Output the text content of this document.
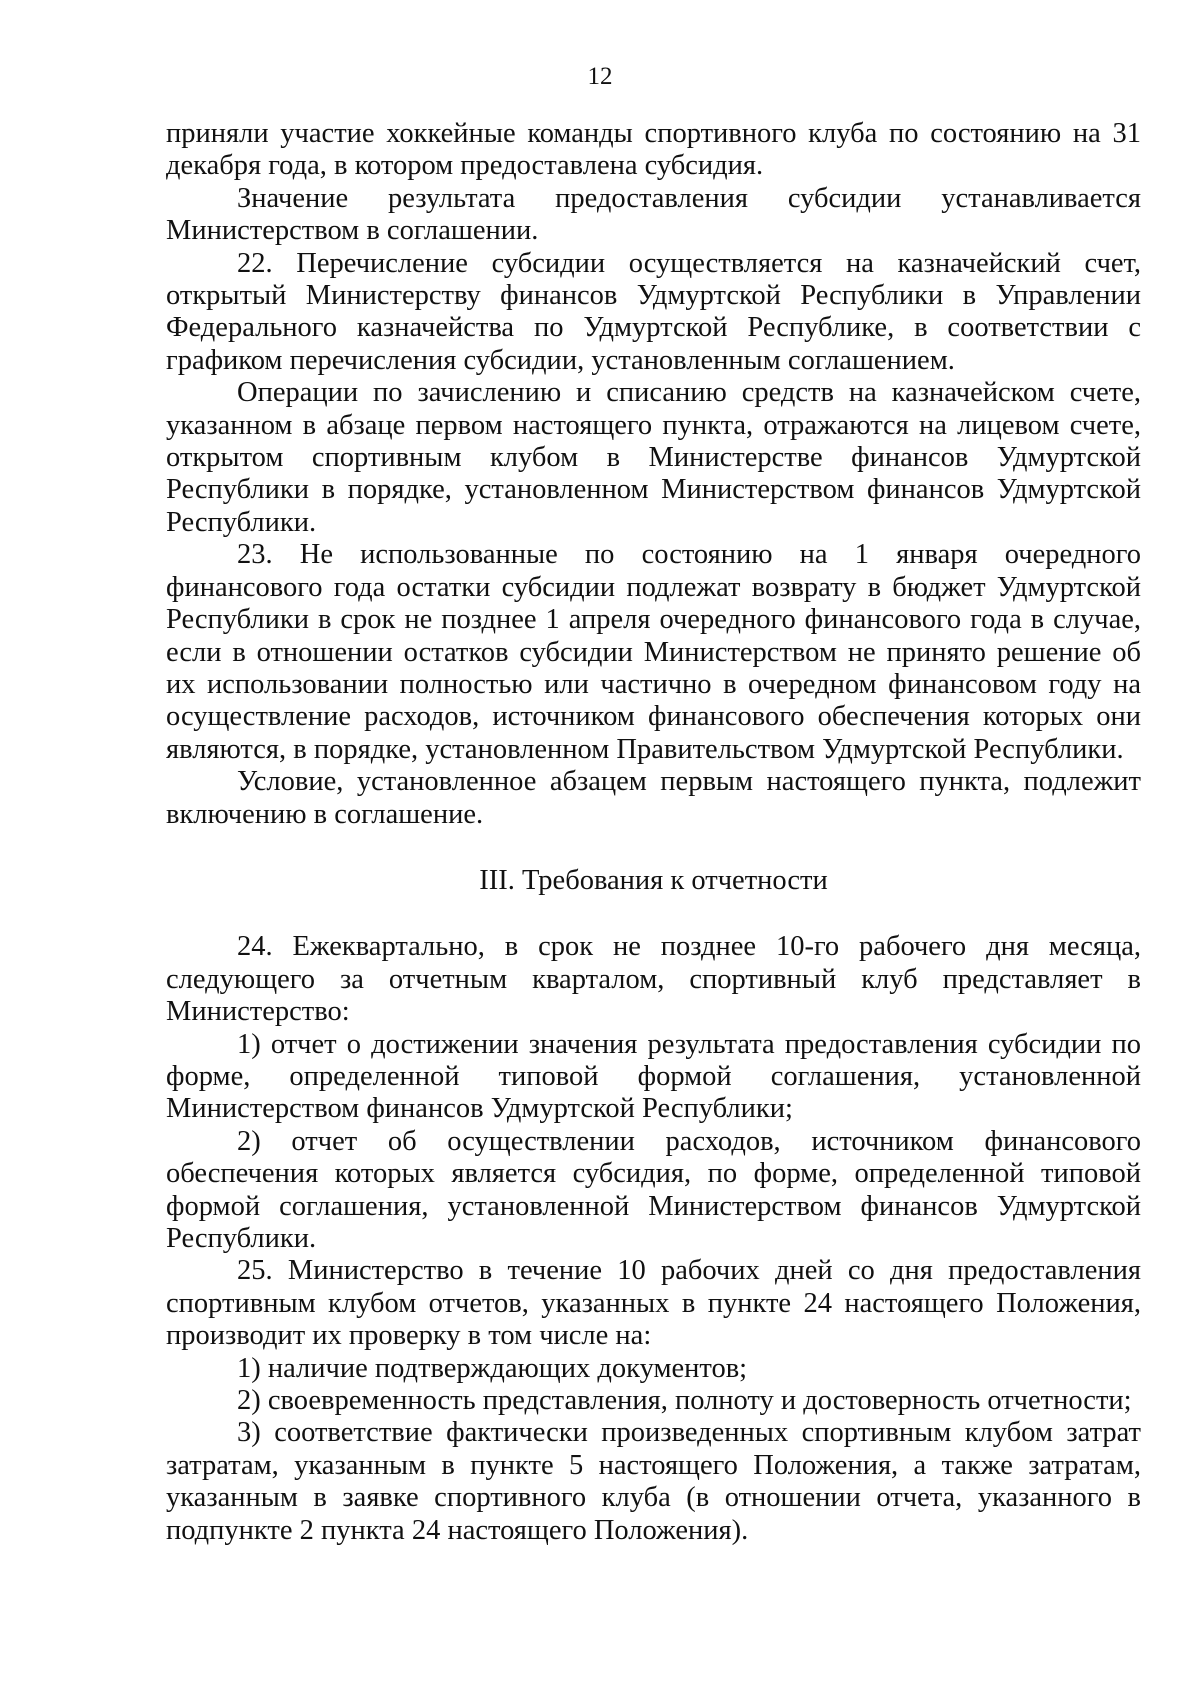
12

приняли участие хоккейные команды спортивного клуба по состоянию на 31 декабря года, в котором предоставлена субсидия.

Значение результата предоставления субсидии устанавливается Министерством в соглашении.

22. Перечисление субсидии осуществляется на казначейский счет, открытый Министерству финансов Удмуртской Республики в Управлении Федерального казначейства по Удмуртской Республике, в соответствии с графиком перечисления субсидии, установленным соглашением.

Операции по зачислению и списанию средств на казначейском счете, указанном в абзаце первом настоящего пункта, отражаются на лицевом счете, открытом спортивным клубом в Министерстве финансов Удмуртской Республики в порядке, установленном Министерством финансов Удмуртской Республики.

23. Не использованные по состоянию на 1 января очередного финансового года остатки субсидии подлежат возврату в бюджет Удмуртской Республики в срок не позднее 1 апреля очередного финансового года в случае, если в отношении остатков субсидии Министерством не принято решение об их использовании полностью или частично в очередном финансовом году на осуществление расходов, источником финансового обеспечения которых они являются, в порядке, установленном Правительством Удмуртской Республики.

Условие, установленное абзацем первым настоящего пункта, подлежит включению в соглашение.

III. Требования к отчетности

24. Ежеквартально, в срок не позднее 10-го рабочего дня месяца, следующего за отчетным кварталом, спортивный клуб представляет в Министерство:

1) отчет о достижении значения результата предоставления субсидии по форме, определенной типовой формой соглашения, установленной Министерством финансов Удмуртской Республики;

2) отчет об осуществлении расходов, источником финансового обеспечения которых является субсидия, по форме, определенной типовой формой соглашения, установленной Министерством финансов Удмуртской Республики.

25. Министерство в течение 10 рабочих дней со дня предоставления спортивным клубом отчетов, указанных в пункте 24 настоящего Положения, производит их проверку в том числе на:

1) наличие подтверждающих документов;

2) своевременность представления, полноту и достоверность отчетности;

3) соответствие фактически произведенных спортивным клубом затрат затратам, указанным в пункте 5 настоящего Положения, а также затратам, указанным в заявке спортивного клуба (в отношении отчета, указанного в подпункте 2 пункта 24 настоящего Положения).
